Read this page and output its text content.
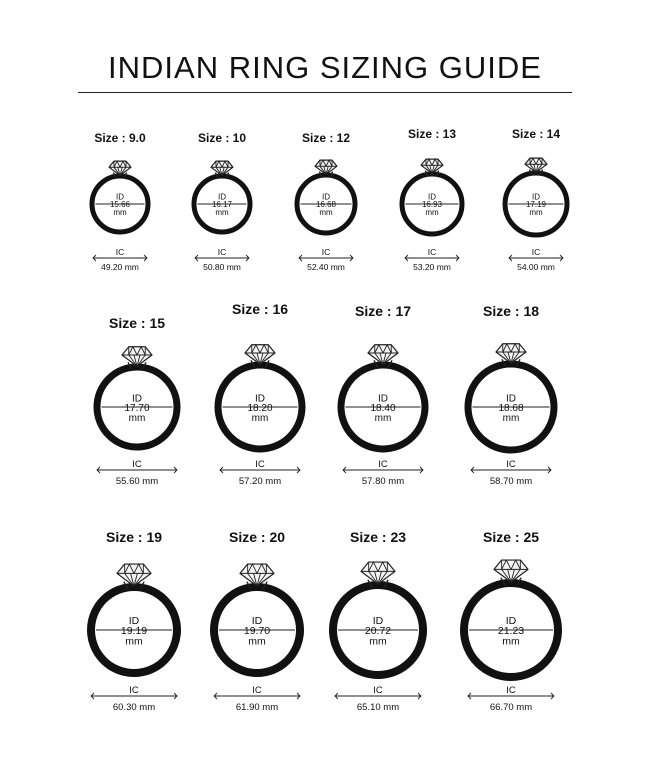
INDIAN RING SIZING GUIDE
Size : 9.0
ID
15.66
mm
IC
49.20 mm
Size : 10
ID
16.17
mm
IC
50.80 mm
Size : 12
ID
16.68
mm
IC
52.40 mm
Size : 13
ID
16.93
mm
IC
53.20 mm
Size : 14
ID
17.19
mm
IC
54.00 mm
Size : 15
ID
17.70
mm
IC
55.60 mm
Size : 16
ID
18.20
mm
IC
57.20 mm
Size : 17
ID
18.40
mm
IC
57.80 mm
Size : 18
ID
18.68
mm
IC
58.70 mm
Size : 19
ID
19.19
mm
IC
60.30 mm
Size : 20
ID
19.70
mm
IC
61.90 mm
Size : 23
ID
20.72
mm
IC
65.10 mm
Size : 25
ID
21.23
mm
IC
66.70 mm
